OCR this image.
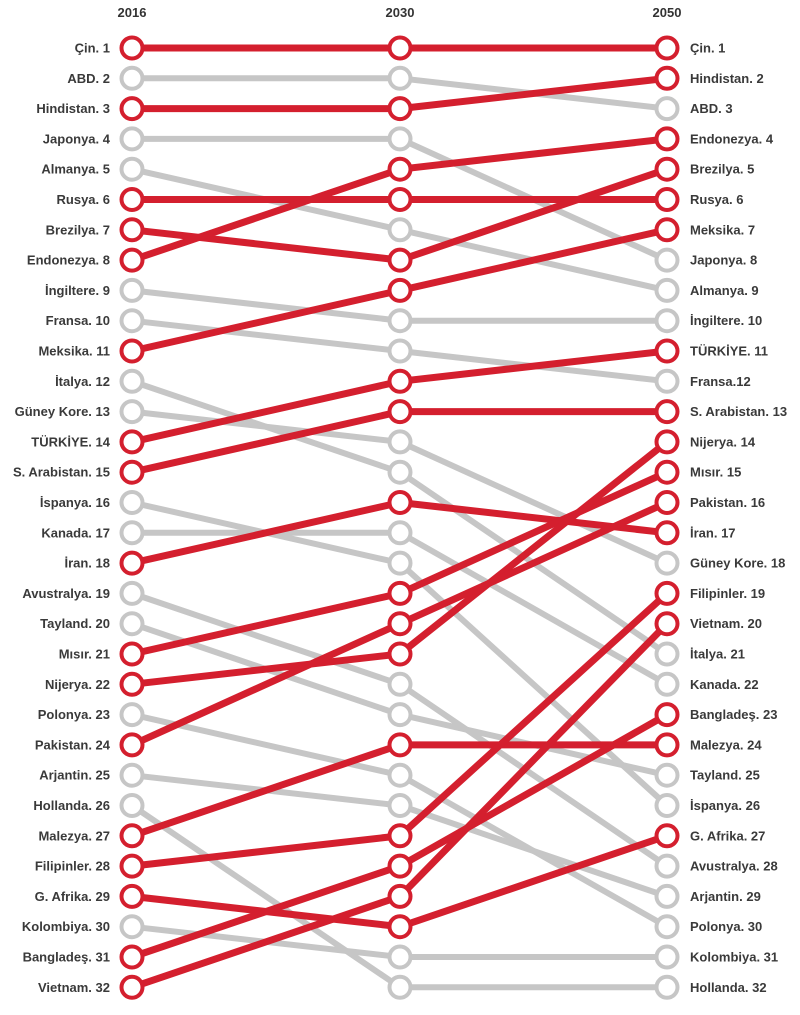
2016	2030	2050
Çin. 1
ABD. 2
Hindistan. 3
Japonya. 4
Almanya. 5
Rusya. 6
Brezilya. 7
Endonezya. 8
İngiltere. 9
Fransa. 10
Meksika. 11
İtalya. 12
Güney Kore. 13
TÜRKİYE. 14
S. Arabistan. 15
İspanya. 16
Kanada. 17
İran. 18
Avustralya. 19
Tayland. 20
Mısır. 21
Nijerya. 22
Polonya. 23
Pakistan. 24
Arjantin. 25
Hollanda. 26
Malezya. 27
Filipinler. 28
G. Afrika. 29
Kolombiya. 30
Bangladeş. 31
Vietnam. 32
Çin. 1
Hindistan. 2
ABD. 3
Endonezya. 4
Brezilya. 5
Rusya. 6
Meksika. 7
Japonya. 8
Almanya. 9
İngiltere. 10
TÜRKİYE. 11
Fransa.12
S. Arabistan. 13
Nijerya. 14
Mısır. 15
Pakistan. 16
İran. 17
Güney Kore. 18
Filipinler. 19
Vietnam. 20
İtalya. 21
Kanada. 22
Bangladeş. 23
Malezya. 24
Tayland. 25
İspanya. 26
G. Afrika. 27
Avustralya. 28
Arjantin. 29
Polonya. 30
Kolombiya. 31
Hollanda. 32
